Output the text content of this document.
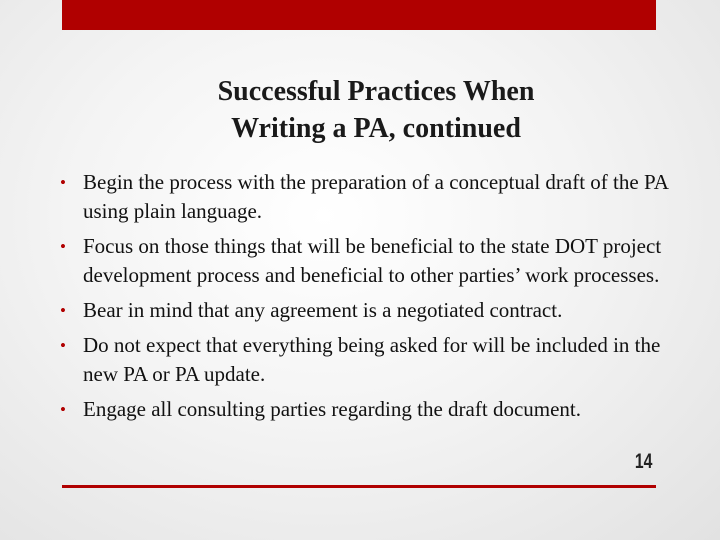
Successful Practices When
Writing a PA, continued
• Begin the process with the preparation of a conceptual draft of the PA using plain language.
• Focus on those things that will be beneficial to the state DOT project development process and beneficial to other parties’ work processes.
• Bear in mind that any agreement is a negotiated contract.
• Do not expect that everything being asked for will be included in the new PA or PA update.
• Engage all consulting parties regarding the draft document.
14
